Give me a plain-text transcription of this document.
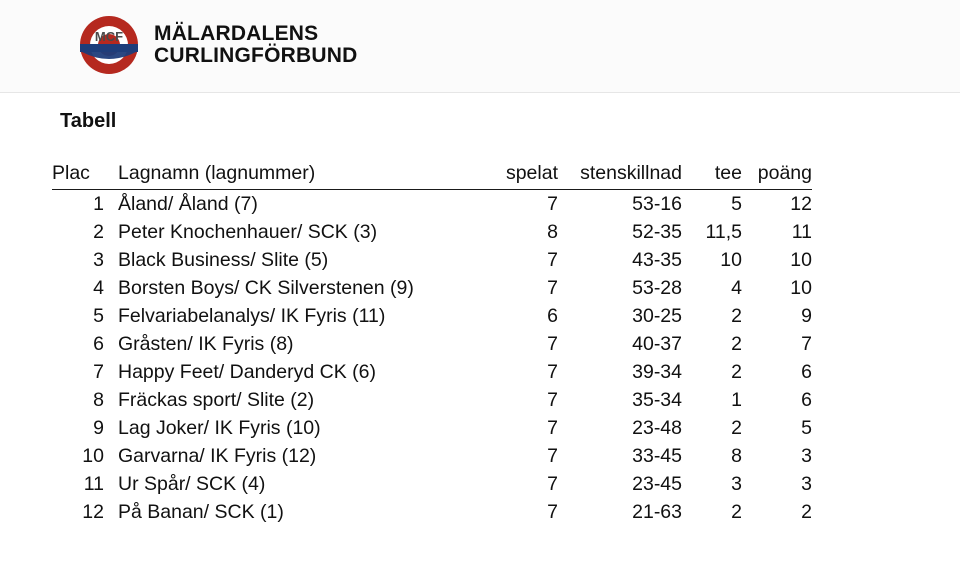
MCF MÄLARDALENS
CURLINGFÖRBUND
Tabell
Plac	Lagnamn (lagnummer)	spelat	stenskillnad	tee	poäng
1	Åland/ Åland (7)	7	53-16	5	12
2	Peter Knochenhauer/ SCK (3)	8	52-35	11,5	11
3	Black Business/ Slite (5)	7	43-35	10	10
4	Borsten Boys/ CK Silverstenen (9)	7	53-28	4	10
5	Felvariabelanalys/ IK Fyris (11)	6	30-25	2	9
6	Gråsten/ IK Fyris (8)	7	40-37	2	7
7	Happy Feet/ Danderyd CK (6)	7	39-34	2	6
8	Fräckas sport/ Slite (2)	7	35-34	1	6
9	Lag Joker/ IK Fyris (10)	7	23-48	2	5
10	Garvarna/ IK Fyris (12)	7	33-45	8	3
11	Ur Spår/ SCK (4)	7	23-45	3	3
12	På Banan/ SCK (1)	7	21-63	2	2
